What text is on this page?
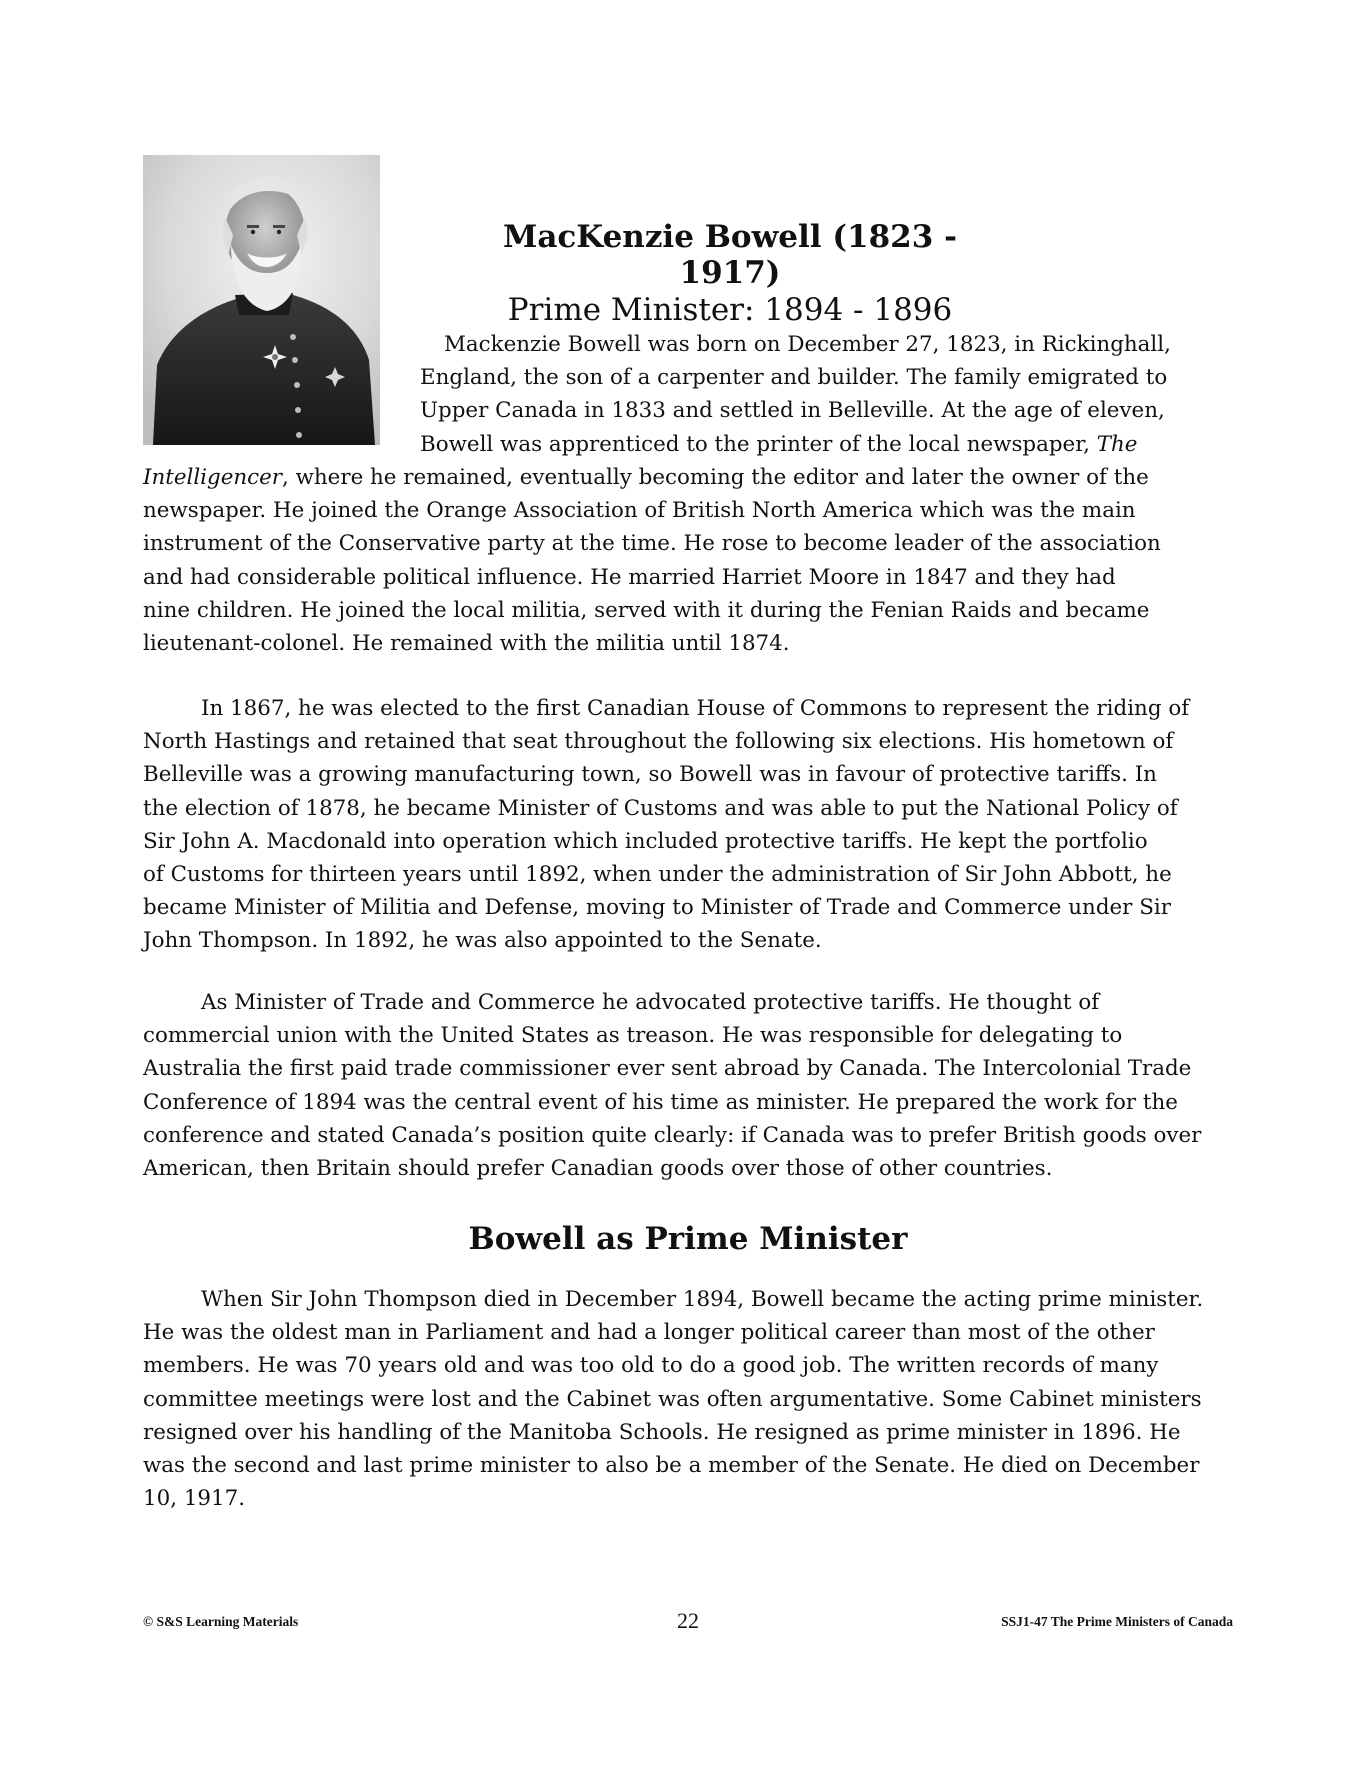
MacKenzie Bowell (1823 - 1917)
Prime Minister: 1894 - 1896
Mackenzie Bowell was born on December 27, 1823, in Rickinghall,
England, the son of a carpenter and builder. The family emigrated to
Upper Canada in 1833 and settled in Belleville. At the age of eleven,
Bowell was apprenticed to the printer of the local newspaper, The
Intelligencer, where he remained, eventually becoming the editor and later the owner of the
newspaper. He joined the Orange Association of British North America which was the main
instrument of the Conservative party at the time. He rose to become leader of the association
and had considerable political influence. He married Harriet Moore in 1847 and they had
nine children. He joined the local militia, served with it during the Fenian Raids and became
lieutenant-colonel. He remained with the militia until 1874.
In 1867, he was elected to the first Canadian House of Commons to represent the riding of
North Hastings and retained that seat throughout the following six elections. His hometown of
Belleville was a growing manufacturing town, so Bowell was in favour of protective tariffs. In
the election of 1878, he became Minister of Customs and was able to put the National Policy of
Sir John A. Macdonald into operation which included protective tariffs. He kept the portfolio
of Customs for thirteen years until 1892, when under the administration of Sir John Abbott, he
became Minister of Militia and Defense, moving to Minister of Trade and Commerce under Sir
John Thompson. In 1892, he was also appointed to the Senate.
As Minister of Trade and Commerce he advocated protective tariffs. He thought of
commercial union with the United States as treason. He was responsible for delegating to
Australia the first paid trade commissioner ever sent abroad by Canada. The Intercolonial Trade
Conference of 1894 was the central event of his time as minister. He prepared the work for the
conference and stated Canada’s position quite clearly: if Canada was to prefer British goods over
American, then Britain should prefer Canadian goods over those of other countries.
Bowell as Prime Minister
When Sir John Thompson died in December 1894, Bowell became the acting prime minister.
He was the oldest man in Parliament and had a longer political career than most of the other
members. He was 70 years old and was too old to do a good job. The written records of many
committee meetings were lost and the Cabinet was often argumentative. Some Cabinet ministers
resigned over his handling of the Manitoba Schools. He resigned as prime minister in 1896. He
was the second and last prime minister to also be a member of the Senate. He died on December
10, 1917.
© S&S Learning Materials	22	SSJ1-47 The Prime Ministers of Canada
